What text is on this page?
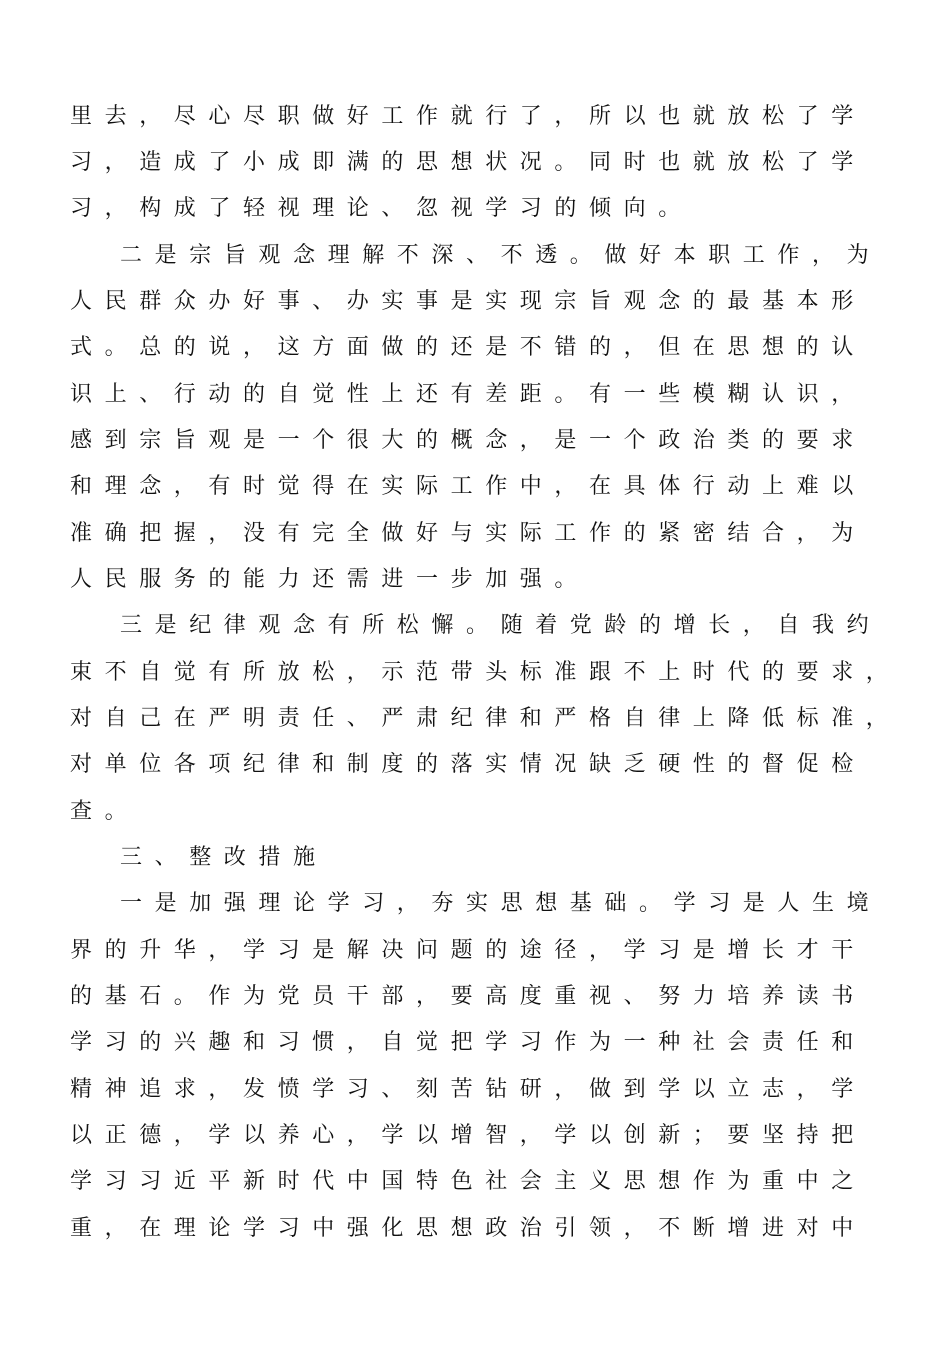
里去，尽心尽职做好工作就行了，所以也就放松了学
习，造成了小成即满的思想状况。同时也就放松了学
习，构成了轻视理论、忽视学习的倾向。
二是宗旨观念理解不深、不透。做好本职工作，为
人民群众办好事、办实事是实现宗旨观念的最基本形
式。总的说，这方面做的还是不错的，但在思想的认
识上、行动的自觉性上还有差距。有一些模糊认识，
感到宗旨观是一个很大的概念，是一个政治类的要求
和理念，有时觉得在实际工作中，在具体行动上难以
准确把握，没有完全做好与实际工作的紧密结合，为
人民服务的能力还需进一步加强。
三是纪律观念有所松懈。随着党龄的增长，自我约
束不自觉有所放松，示范带头标准跟不上时代的要求，
对自己在严明责任、严肃纪律和严格自律上降低标准，
对单位各项纪律和制度的落实情况缺乏硬性的督促检
查。
三、整改措施
一是加强理论学习，夯实思想基础。学习是人生境
界的升华，学习是解决问题的途径，学习是增长才干
的基石。作为党员干部，要高度重视、努力培养读书
学习的兴趣和习惯，自觉把学习作为一种社会责任和
精神追求，发愤学习、刻苦钻研，做到学以立志，学
以正德，学以养心，学以增智，学以创新；要坚持把
学习习近平新时代中国特色社会主义思想作为重中之
重，在理论学习中强化思想政治引领，不断增进对中
